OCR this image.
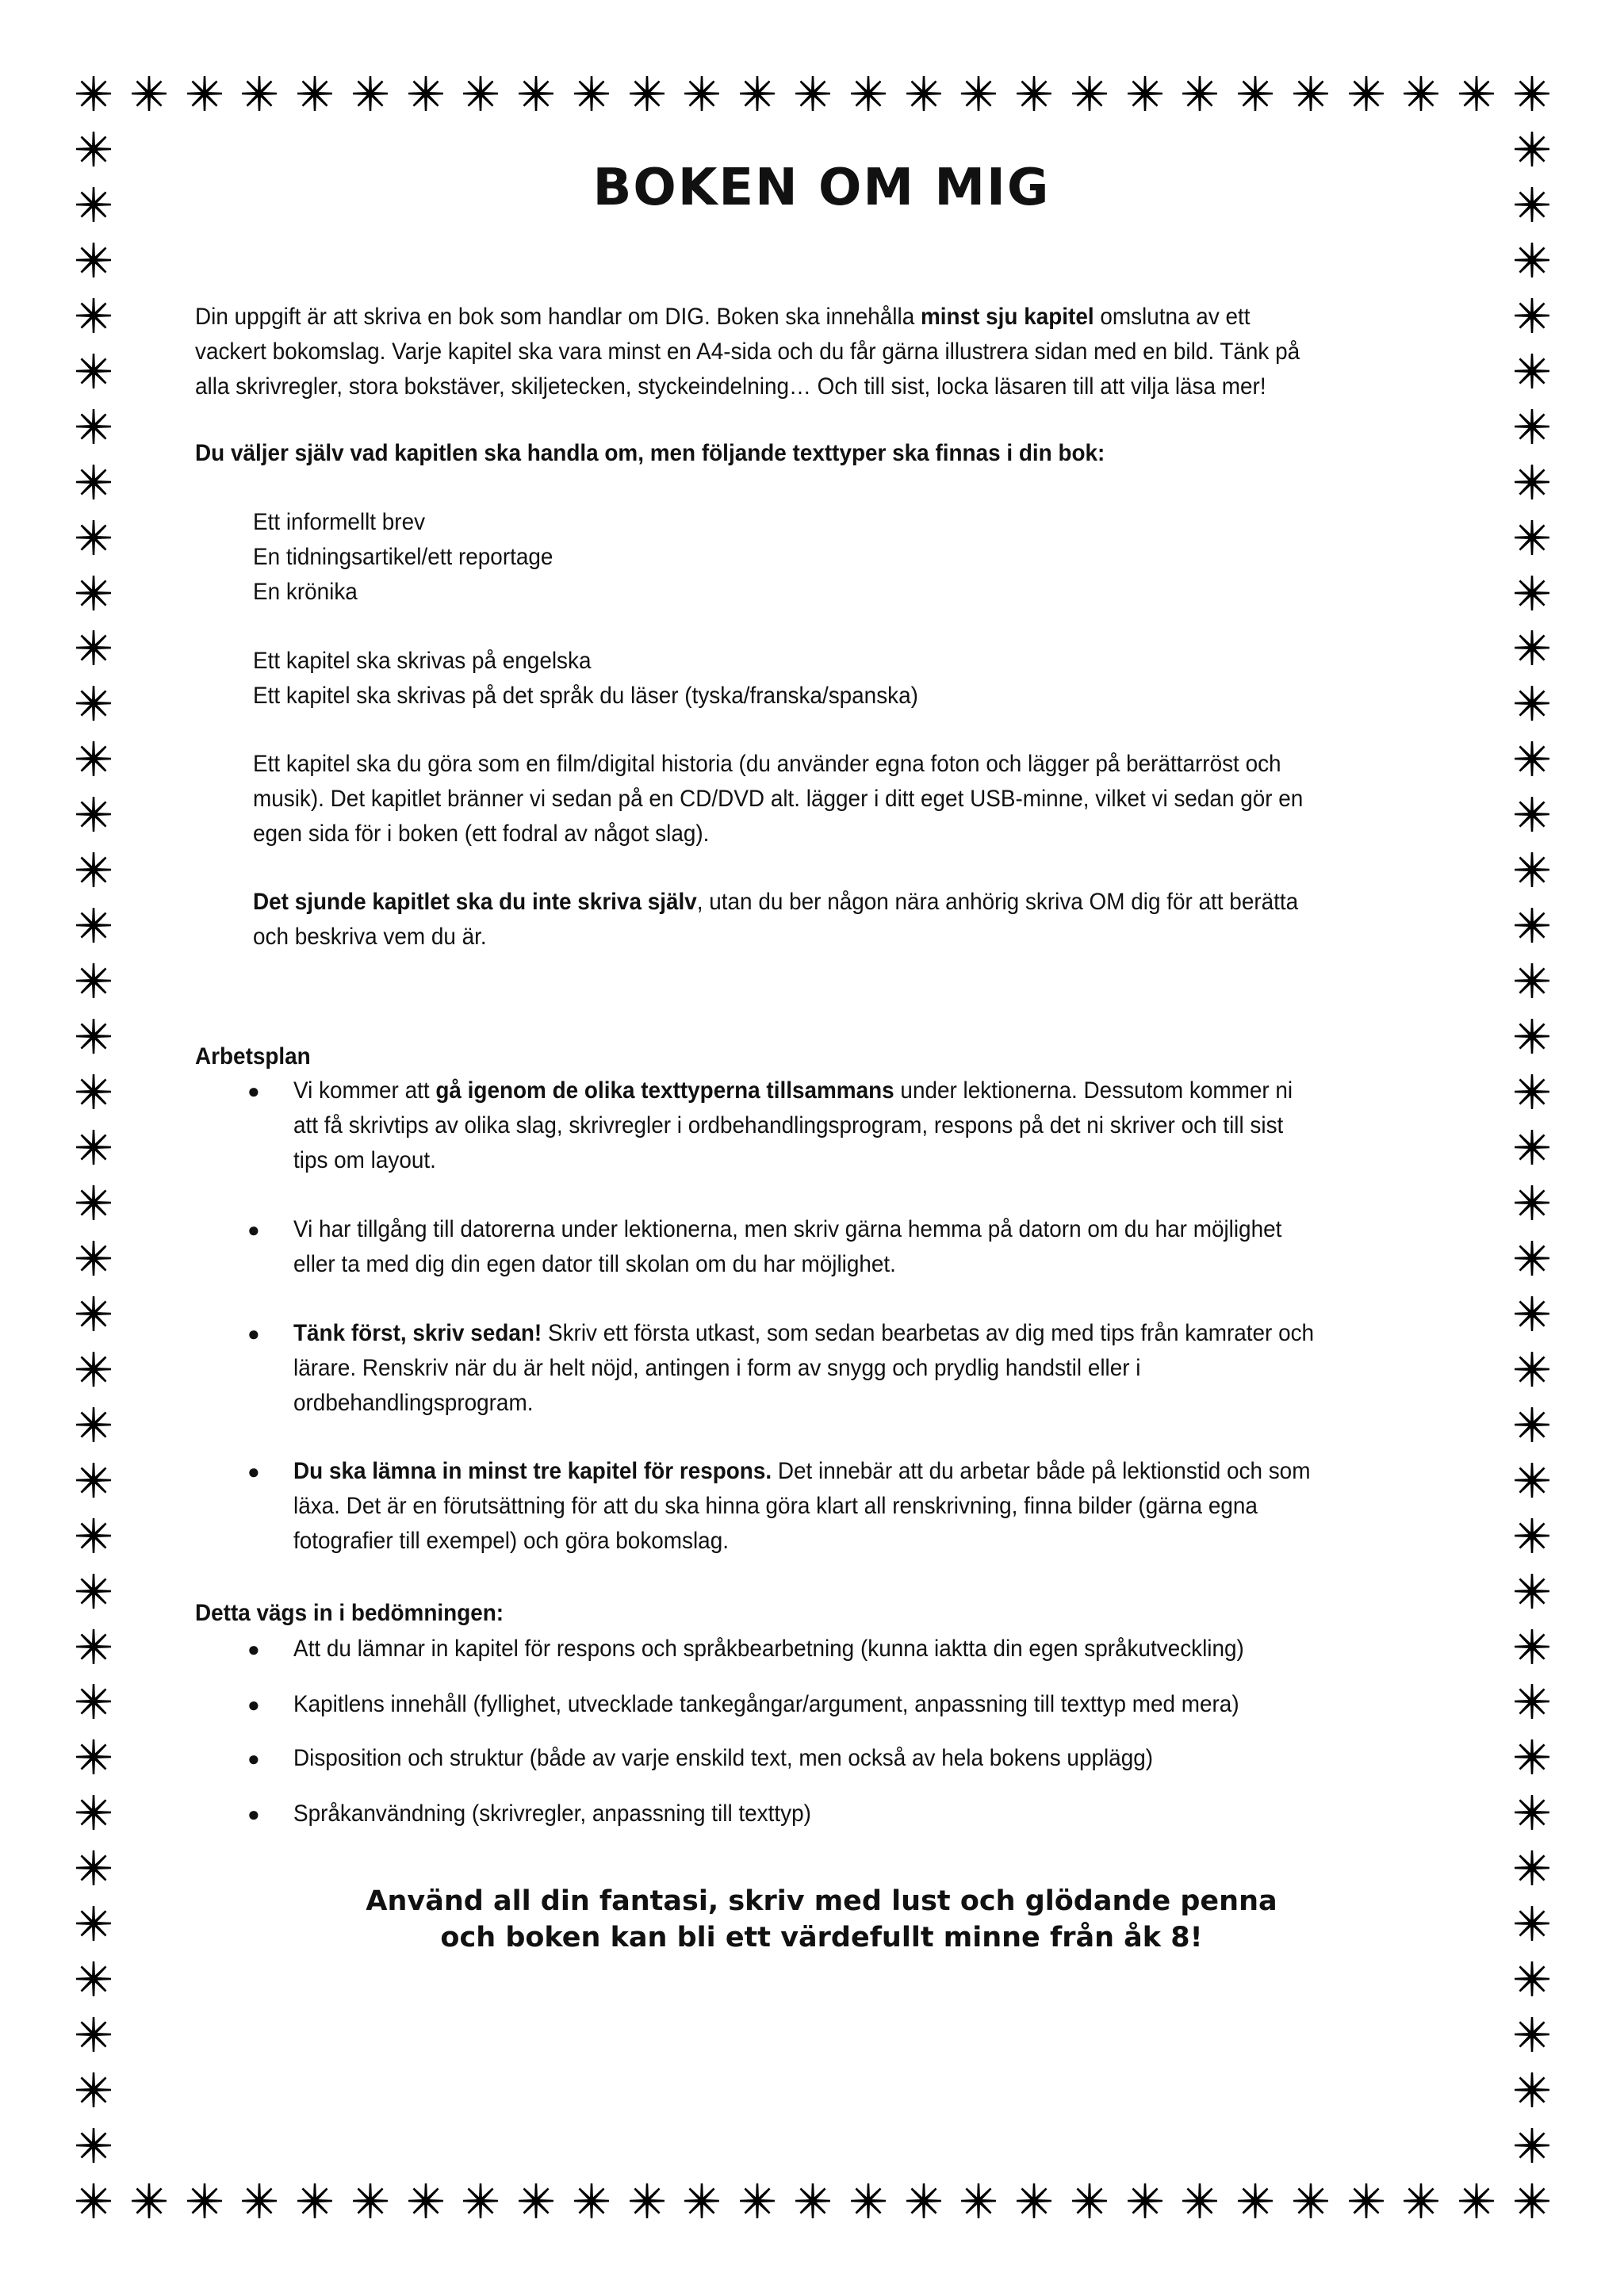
BOKEN OM MIG

Din uppgift är att skriva en bok som handlar om DIG. Boken ska innehålla minst sju kapitel omslutna av ett

vackert bokomslag. Varje kapitel ska vara minst en A4-sida och du får gärna illustrera sidan med en bild. Tänk på

alla skrivregler, stora bokstäver, skiljetecken, styckeindelning… Och till sist, locka läsaren till att vilja läsa mer!

Du väljer själv vad kapitlen ska handla om, men följande texttyper ska finnas i din bok:

Ett informellt brev

En tidningsartikel/ett reportage

En krönika

Ett kapitel ska skrivas på engelska

Ett kapitel ska skrivas på det språk du läser (tyska/franska/spanska)

Ett kapitel ska du göra som en film/digital historia (du använder egna foton och lägger på berättarröst och

musik). Det kapitlet bränner vi sedan på en CD/DVD alt. lägger i ditt eget USB-minne, vilket vi sedan gör en

egen sida för i boken (ett fodral av något slag).

Det sjunde kapitlet ska du inte skriva själv, utan du ber någon nära anhörig skriva OM dig för att berätta

och beskriva vem du är.

Arbetsplan

● Vi kommer att gå igenom de olika texttyperna tillsammans under lektionerna. Dessutom kommer ni

att få skrivtips av olika slag, skrivregler i ordbehandlingsprogram, respons på det ni skriver och till sist

tips om layout.

● Vi har tillgång till datorerna under lektionerna, men skriv gärna hemma på datorn om du har möjlighet

eller ta med dig din egen dator till skolan om du har möjlighet.

● Tänk först, skriv sedan! Skriv ett första utkast, som sedan bearbetas av dig med tips från kamrater och

lärare. Renskriv när du är helt nöjd, antingen i form av snygg och prydlig handstil eller i

ordbehandlingsprogram.

● Du ska lämna in minst tre kapitel för respons. Det innebär att du arbetar både på lektionstid och som

läxa. Det är en förutsättning för att du ska hinna göra klart all renskrivning, finna bilder (gärna egna

fotografier till exempel) och göra bokomslag.

Detta vägs in i bedömningen:

● Att du lämnar in kapitel för respons och språkbearbetning (kunna iaktta din egen språkutveckling)

● Kapitlens innehåll (fyllighet, utvecklade tankegångar/argument, anpassning till texttyp med mera)

● Disposition och struktur (både av varje enskild text, men också av hela bokens upplägg)

● Språkanvändning (skrivregler, anpassning till texttyp)

Använd all din fantasi, skriv med lust och glödande penna

och boken kan bli ett värdefullt minne från åk 8!
